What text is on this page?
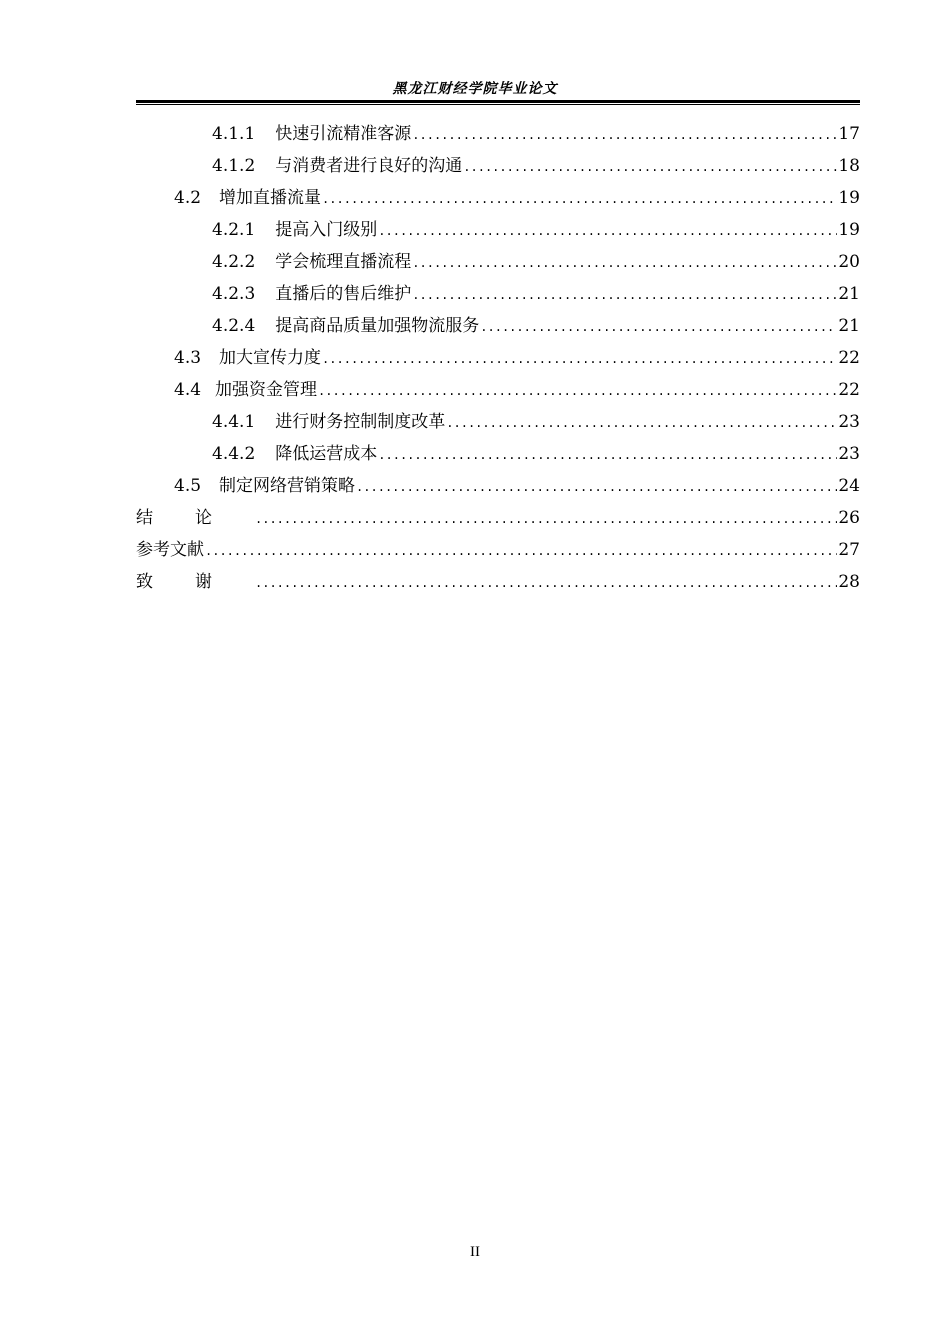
黑龙江财经学院毕业论文
4.1.1 快速引流精准客源 .....	17
4.1.2 与消费者进行良好的沟通 .....	18
4.2 增加直播流量 .....	19
4.2.1 提高入门级别 .....	19
4.2.2 学会梳理直播流程 .....	20
4.2.3 直播后的售后维护 .....	21
4.2.4 提高商品质量加强物流服务 .....	21
4.3 加大宣传力度 .....	22
4.4 加强资金管理 .....	22
4.4.1 进行财务控制制度改革 .....	23
4.4.2 降低运营成本 .....	23
4.5 制定网络营销策略 .....	24
结论 .....	26
参考文献 .....	27
致谢 .....	28
II
